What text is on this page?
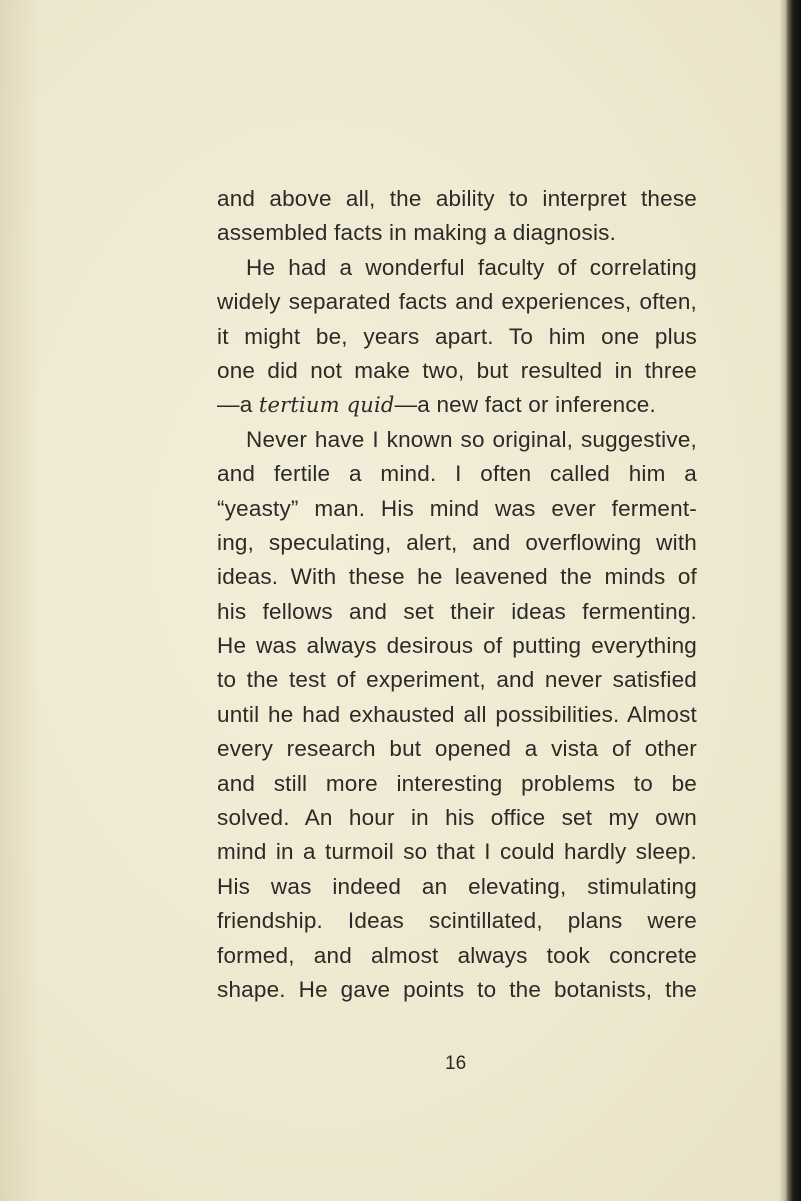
and above all, the ability to interpret these
assembled facts in making a diagnosis.
He had a wonderful faculty of correlating
widely separated facts and experiences, often,
it might be, years apart. To him one plus
one did not make two, but resulted in three
—a tertium quid—a new fact or inference.
Never have I known so original, suggestive,
and fertile a mind. I often called him a
“yeasty” man. His mind was ever ferment-
ing, speculating, alert, and overflowing with
ideas. With these he leavened the minds of
his fellows and set their ideas fermenting.
He was always desirous of putting everything
to the test of experiment, and never satisfied
until he had exhausted all possibilities. Almost
every research but opened a vista of other
and still more interesting problems to be
solved. An hour in his office set my own
mind in a turmoil so that I could hardly sleep.
His was indeed an elevating, stimulating
friendship. Ideas scintillated, plans were
formed, and almost always took concrete
shape. He gave points to the botanists, the
16
